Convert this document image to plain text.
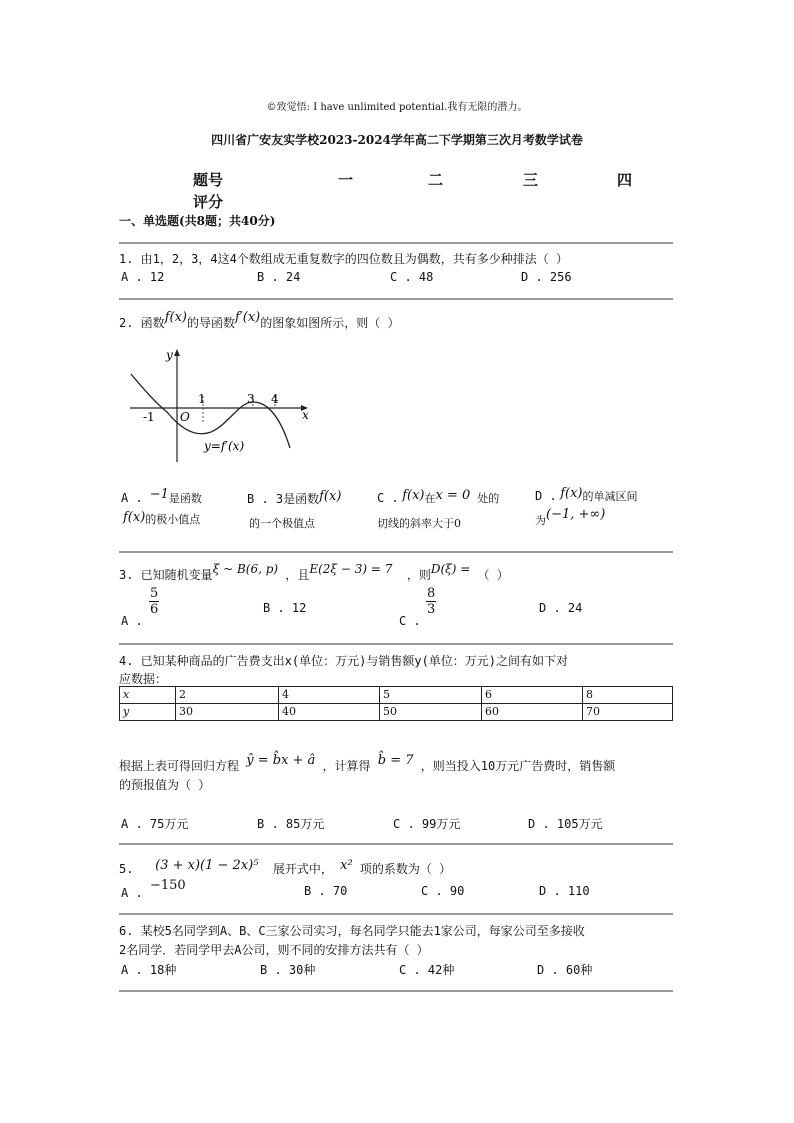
©致觉悟: I have unlimited potential.我有无限的潜力。
四川省广安友实学校2023-2024学年高二下学期第三次月考数学试卷
题号	一	二	三	四
评分
一、单选题(共8题；共40分)
1. 由1，2，3，4这4个数组成无重复数字的四位数且为偶数，共有多少种排法（ ）
A . 12	B . 24	C . 48	D . 256
2. 函数f(x)的导函数f′(x)的图象如图所示，则（ ）
y
x
-1 O
1	3 4
y=f′(x)
A . −1是函数
f(x)的极小值点
B . 3是函数f(x)
的一个极值点
C . f(x)在x = 0 处的
切线的斜率大于0
D . f(x)的单减区间
为(−1, +∞)
3. 已知随机变量ξ ~ B(6, p) ，且E(2ξ − 3) = 7 ，则D(ξ) = （ ）
A .
$\frac{5}{6}$	B . 12
C .
$\frac{8}{3}$	D . 24
4. 已知某种商品的广告费支出x(单位：万元)与销售额y(单位：万元)之间有如下对
应数据：
x	2	4	5	6	8
y	30	40	50	60	70
根据上表可得回归方程 ŷ = b̂x + â ，计算得 b̂ = 7 ，则当投入10万元广告费时，销售额
的预报值为（ ）
A . 75万元	B . 85万元	C . 99万元	D . 105万元
5. (3 + x)(1 − 2x)⁵ 展开式中， x² 项的系数为（ ）
A . −150	B . 70	C . 90	D . 110
6. 某校5名同学到A、B、C三家公司实习，每名同学只能去1家公司，每家公司至多接收
2名同学．若同学甲去A公司，则不同的安排方法共有（ ）
A . 18种	B . 30种	C . 42种	D . 60种
